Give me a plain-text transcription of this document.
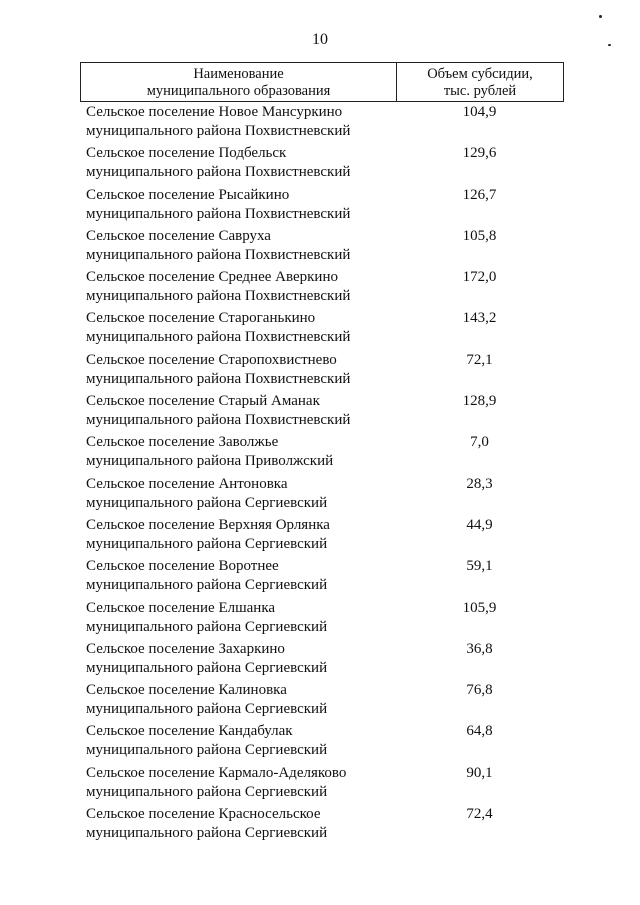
10
Наименование
муниципального образования
Объем субсидии,
тыс. рублей
Сельское поселение Новое Мансуркино
муниципального района Похвистневский
104,9
Сельское поселение Подбельск
муниципального района Похвистневский
129,6
Сельское поселение Рысайкино
муниципального района Похвистневский
126,7
Сельское поселение Савруха
муниципального района Похвистневский
105,8
Сельское поселение Среднее Аверкино
муниципального района Похвистневский
172,0
Сельское поселение Староганькино
муниципального района Похвистневский
143,2
Сельское поселение Старопохвистнево
муниципального района Похвистневский
72,1
Сельское поселение Старый Аманак
муниципального района Похвистневский
128,9
Сельское поселение Заволжье
муниципального района Приволжский
7,0
Сельское поселение Антоновка
муниципального района Сергиевский
28,3
Сельское поселение Верхняя Орлянка
муниципального района Сергиевский
44,9
Сельское поселение Воротнее
муниципального района Сергиевский
59,1
Сельское поселение Елшанка
муниципального района Сергиевский
105,9
Сельское поселение Захаркино
муниципального района Сергиевский
36,8
Сельское поселение Калиновка
муниципального района Сергиевский
76,8
Сельское поселение Кандабулак
муниципального района Сергиевский
64,8
Сельское поселение Кармало-Аделяково
муниципального района Сергиевский
90,1
Сельское поселение Красносельское
муниципального района Сергиевский
72,4
